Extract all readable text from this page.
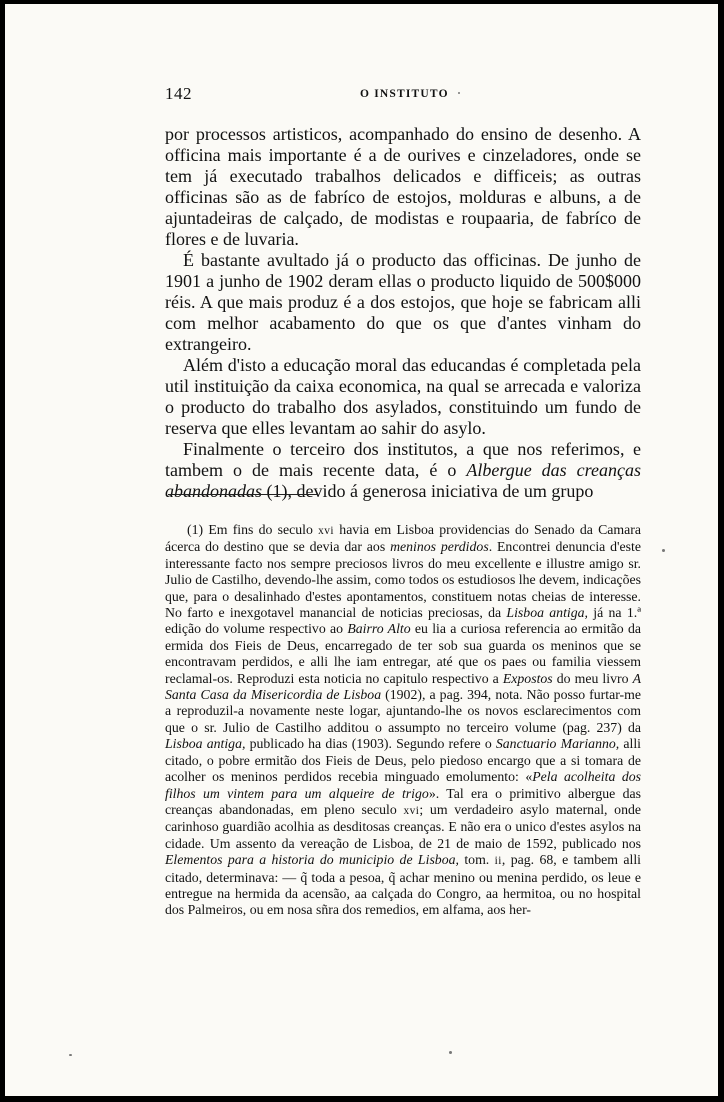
142	O INSTITUTO

por processos artisticos, acompanhado do ensino de desenho. A officina mais importante é a de ourives e cinzeladores, onde se tem já executado trabalhos delicados e difficeis; as outras officinas são as de fabríco de estojos, molduras e albuns, a de ajuntadeiras de calçado, de modistas e roupaaria, de fabríco de flores e de luvaria.

É bastante avultado já o producto das officinas. De junho de 1901 a junho de 1902 deram ellas o producto liquido de 500$000 réis. A que mais produz é a dos estojos, que hoje se fabricam alli com melhor acabamento do que os que d'antes vinham do extrangeiro.

Além d'isto a educação moral das educandas é completada pela util instituição da caixa economica, na qual se arrecada e valoriza o producto do trabalho dos asylados, constituindo um fundo de reserva que elles levantam ao sahir do asylo.

Finalmente o terceiro dos institutos, a que nos referimos, e tambem o de mais recente data, é o Albergue das creanças abandonadas (1), devido á generosa iniciativa de um grupo

(1) Em fins do seculo xvi havia em Lisboa providencias do Senado da Camara ácerca do destino que se devia dar aos meninos perdidos. Encontrei denuncia d'este interessante facto nos sempre preciosos livros do meu excellente e illustre amigo sr. Julio de Castilho, devendo-lhe assim, como todos os estudiosos lhe devem, indicações que, para o desalinhado d'estes apontamentos, constituem notas cheias de interesse. No farto e inexgotavel manancial de noticias preciosas, da Lisboa antiga, já na 1.ª edição do volume respectivo ao Bairro Alto eu lia a curiosa referencia ao ermitão da ermida dos Fieis de Deus, encarregado de ter sob sua guarda os meninos que se encontravam perdidos, e alli lhe iam entregar, até que os paes ou familia viessem reclamal-os. Reproduzi esta noticia no capitulo respectivo a Expostos do meu livro A Santa Casa da Misericordia de Lisboa (1902), a pag. 394, nota. Não posso furtar-me a reproduzil-a novamente neste logar, ajuntando-lhe os novos esclarecimentos com que o sr. Julio de Castilho additou o assumpto no terceiro volume (pag. 237) da Lisboa antiga, publicado ha dias (1903). Segundo refere o Sanctuario Marianno, alli citado, o pobre ermitão dos Fieis de Deus, pelo piedoso encargo que a si tomara de acolher os meninos perdidos recebia minguado emolumento: «Pela acolheita dos filhos um vintem para um alqueire de trigo». Tal era o primitivo albergue das creanças abandonadas, em pleno seculo xvi; um verdadeiro asylo maternal, onde carinhoso guardião acolhia as desditosas creanças. E não era o unico d'estes asylos na cidade. Um assento da vereação de Lisboa, de 21 de maio de 1592, publicado nos Elementos para a historia do municipio de Lisboa, tom. ii, pag. 68, e tambem alli citado, determinava: — q̃ toda a pesoa, q̃ achar menino ou menina perdido, os leue e entregue na hermida da acensão, aa calçada do Congro, aa hermitoa, ou no hospital dos Palmeiros, ou em nosa sñra dos remedios, em alfama, aos her-
